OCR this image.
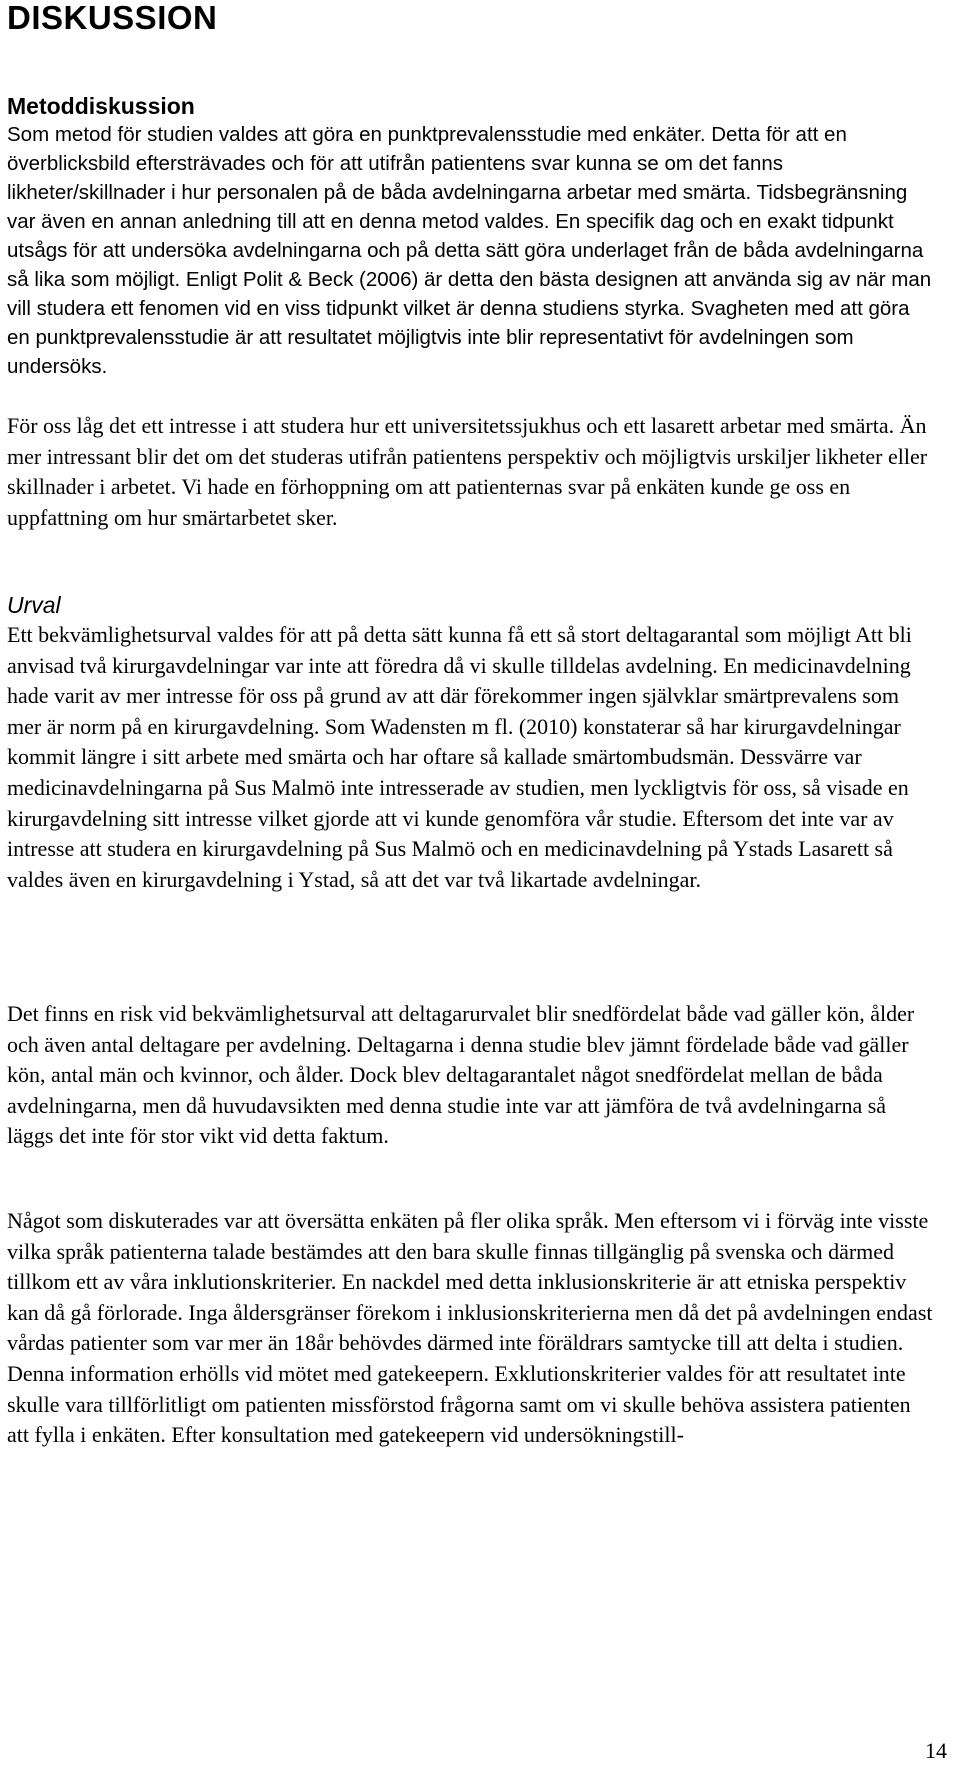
DISKUSSION
Metoddiskussion

Som metod för studien valdes att göra en punktprevalensstudie med enkäter. Detta för att en överblicksbild eftersträvades och för att utifrån patientens svar kunna se om det fanns likheter/skillnader i hur personalen på de båda avdelningarna arbetar med smärta. Tidsbegränsning var även en annan anledning till att en denna metod valdes. En specifik dag och en exakt tidpunkt utsågs för att undersöka avdelningarna och på detta sätt göra underlaget från de båda avdelningarna så lika som möjligt. Enligt Polit & Beck (2006) är detta den bästa designen att använda sig av när man vill studera ett fenomen vid en viss tidpunkt vilket är denna studiens styrka. Svagheten med att göra en punktprevalensstudie är att resultatet möjligtvis inte blir representativt för avdelningen som undersöks.

För oss låg det ett intresse i att studera hur ett universitetssjukhus och ett lasarett arbetar med smärta. Än mer intressant blir det om det studeras utifrån patientens perspektiv och möjligtvis urskiljer likheter eller skillnader i arbetet. Vi hade en förhoppning om att patienternas svar på enkäten kunde ge oss en uppfattning om hur smärtarbetet sker.

Urval

Ett bekvämlighetsurval valdes för att på detta sätt kunna få ett så stort deltagarantal som möjligt Att bli anvisad två kirurgavdelningar var inte att föredra då vi skulle tilldelas avdelning. En medicinavdelning hade varit av mer intresse för oss på grund av att där förekommer ingen självklar smärtprevalens som mer är norm på en kirurgavdelning. Som Wadensten m fl. (2010) konstaterar så har kirurgavdelningar kommit längre i sitt arbete med smärta och har oftare så kallade smärtombudsmän. Dessvärre var medicinavdelningarna på Sus Malmö inte intresserade av studien, men lyckligtvis för oss, så visade en kirurgavdelning sitt intresse vilket gjorde att vi kunde genomföra vår studie. Eftersom det inte var av intresse att studera en kirurgavdelning på Sus Malmö och en medicinavdelning på Ystads Lasarett så valdes även en kirurgavdelning i Ystad, så att det var två likartade avdelningar.

Det finns en risk vid bekvämlighetsurval att deltagarurvalet blir snedfördelat både vad gäller kön, ålder och även antal deltagare per avdelning. Deltagarna i denna studie blev jämnt fördelade både vad gäller kön, antal män och kvinnor, och ålder. Dock blev deltagarantalet något snedfördelat mellan de båda avdelningarna, men då huvudavsikten med denna studie inte var att jämföra de två avdelningarna så läggs det inte för stor vikt vid detta faktum.

Något som diskuterades var att översätta enkäten på fler olika språk. Men eftersom vi i förväg inte visste vilka språk patienterna talade bestämdes att den bara skulle finnas tillgänglig på svenska och därmed tillkom ett av våra inklutionskriterier. En nackdel med detta inklusionskriterie är att etniska perspektiv kan då gå förlorade. Inga åldersgränser förekom i inklusionskriterierna men då det på avdelningen endast vårdas patienter som var mer än 18år behövdes därmed inte föräldrars samtycke till att delta i studien. Denna information erhölls vid mötet med gatekeepern. Exklutionskriterier valdes för att resultatet inte skulle vara tillförlitligt om patienten missförstod frågorna samt om vi skulle behöva assistera patienten att fylla i enkäten. Efter konsultation med gatekeepern vid undersökningstill-

14
